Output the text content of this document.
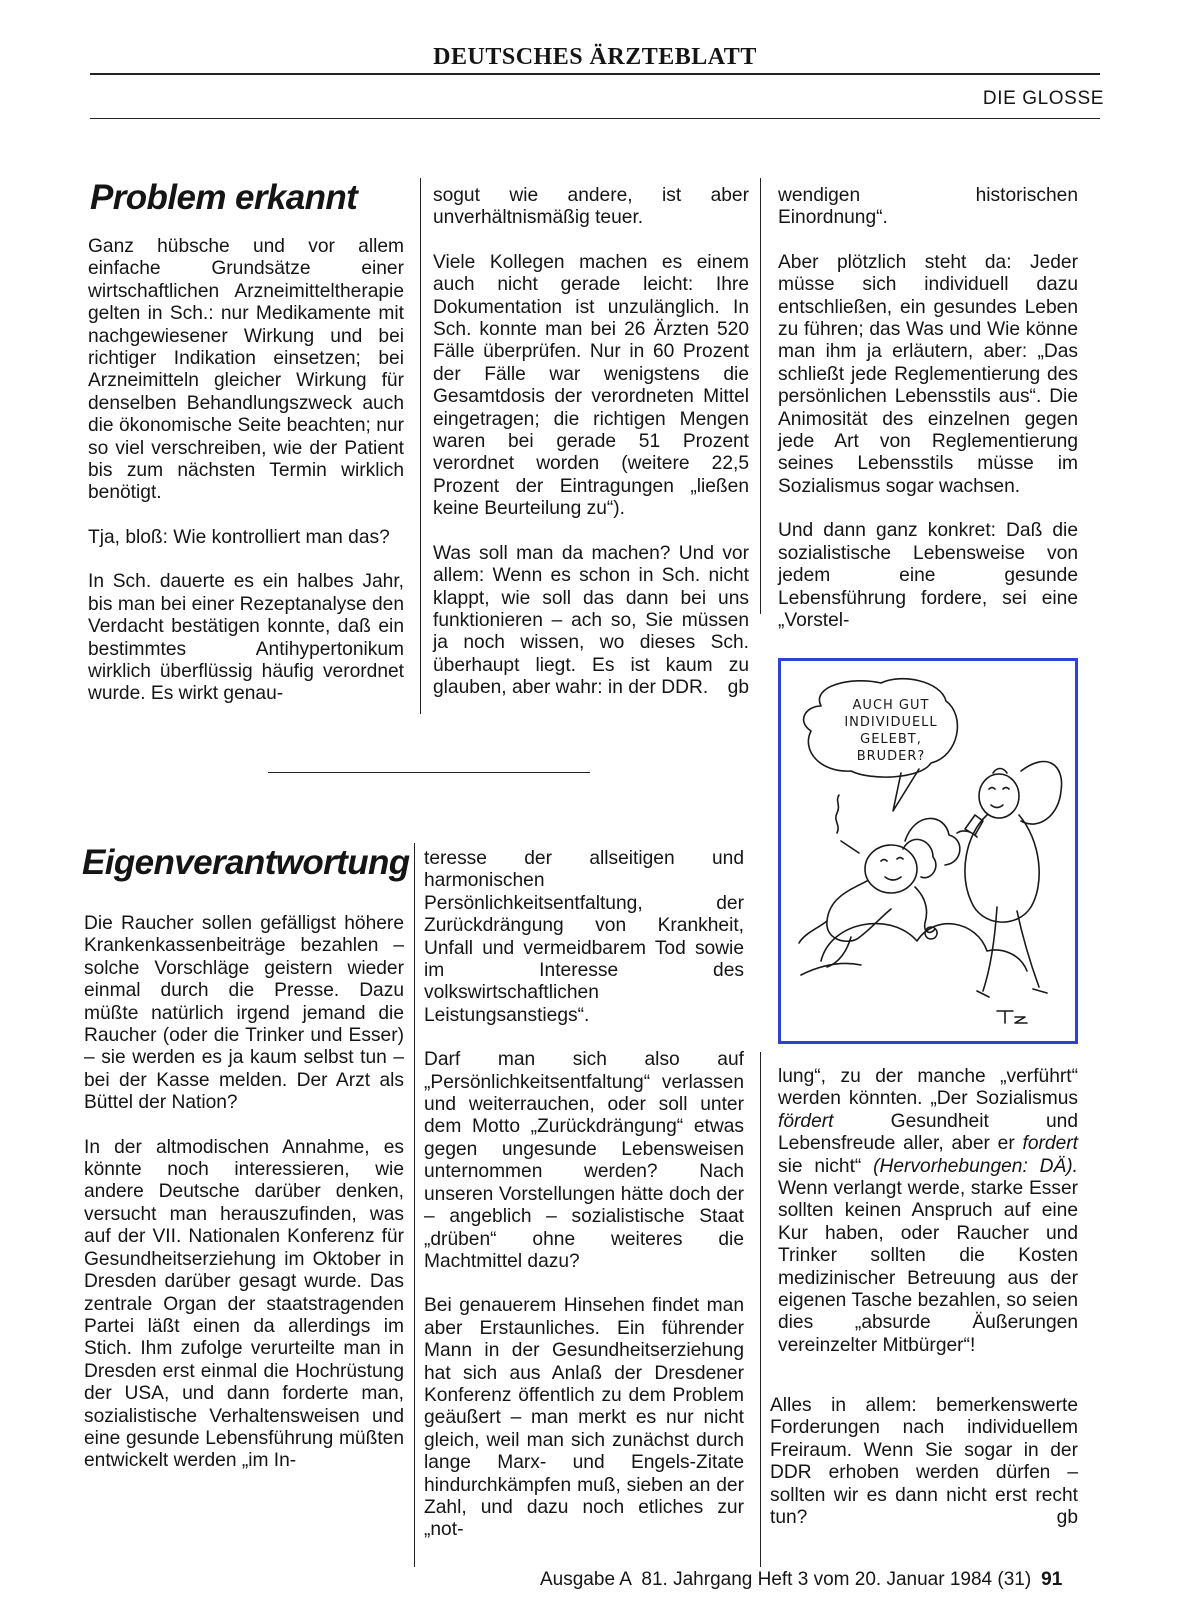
DEUTSCHES ÄRZTEBLATT
DIE GLOSSE
Problem erkannt

Ganz hübsche und vor allem einfache Grundsätze einer wirtschaftlichen Arzneimitteltherapie gelten in Sch.: nur Medikamente mit nachgewiesener Wirkung und bei richtiger Indikation einsetzen; bei Arzneimitteln gleicher Wirkung für denselben Behandlungszweck auch die ökonomische Seite beachten; nur so viel verschreiben, wie der Patient bis zum nächsten Termin wirklich benötigt.

Tja, bloß: Wie kontrolliert man das?

In Sch. dauerte es ein halbes Jahr, bis man bei einer Rezeptanalyse den Verdacht bestätigen konnte, daß ein bestimmtes Antihypertonikum wirklich überflüssig häufig verordnet wurde. Es wirkt genau-

sogut wie andere, ist aber unverhältnismäßig teuer.

Viele Kollegen machen es einem auch nicht gerade leicht: Ihre Dokumentation ist unzulänglich. In Sch. konnte man bei 26 Ärzten 520 Fälle überprüfen. Nur in 60 Prozent der Fälle war wenigstens die Gesamtdosis der verordneten Mittel eingetragen; die richtigen Mengen waren bei gerade 51 Prozent verordnet worden (weitere 22,5 Prozent der Eintragungen „ließen keine Beurteilung zu“).

Was soll man da machen? Und vor allem: Wenn es schon in Sch. nicht klappt, wie soll das dann bei uns funktionieren – ach so, Sie müssen ja noch wissen, wo dieses Sch. überhaupt liegt. Es ist kaum zu glauben, aber wahr: in der DDR. gb

Eigenverantwortung

Die Raucher sollen gefälligst höhere Krankenkassenbeiträge bezahlen – solche Vorschläge geistern wieder einmal durch die Presse. Dazu müßte natürlich irgend jemand die Raucher (oder die Trinker und Esser) – sie werden es ja kaum selbst tun – bei der Kasse melden. Der Arzt als Büttel der Nation?

In der altmodischen Annahme, es könnte noch interessieren, wie andere Deutsche darüber denken, versucht man herauszufinden, was auf der VII. Nationalen Konferenz für Gesundheitserziehung im Oktober in Dresden darüber gesagt wurde. Das zentrale Organ der staatstragenden Partei läßt einen da allerdings im Stich. Ihm zufolge verurteilte man in Dresden erst einmal die Hochrüstung der USA, und dann forderte man, sozialistische Verhaltensweisen und eine gesunde Lebensführung müßten entwickelt werden „im In-

teresse der allseitigen und harmonischen Persönlichkeitsentfaltung, der Zurückdrängung von Krankheit, Unfall und vermeidbarem Tod sowie im Interesse des volkswirtschaftlichen Leistungsanstiegs“.

Darf man sich also auf „Persönlichkeitsentfaltung“ verlassen und weiterrauchen, oder soll unter dem Motto „Zurückdrängung“ etwas gegen ungesunde Lebensweisen unternommen werden? Nach unseren Vorstellungen hätte doch der – angeblich – sozialistische Staat „drüben“ ohne weiteres die Machtmittel dazu?

Bei genauerem Hinsehen findet man aber Erstaunliches. Ein führender Mann in der Gesundheitserziehung hat sich aus Anlaß der Dresdener Konferenz öffentlich zu dem Problem geäußert – man merkt es nur nicht gleich, weil man sich zunächst durch lange Marx- und Engels-Zitate hindurchkämpfen muß, sieben an der Zahl, und dazu noch etliches zur „not-

wendigen historischen Einordnung“.

Aber plötzlich steht da: Jeder müsse sich individuell dazu entschließen, ein gesundes Leben zu führen; das Was und Wie könne man ihm ja erläutern, aber: „Das schließt jede Reglementierung des persönlichen Lebensstils aus“. Die Animosität des einzelnen gegen jede Art von Reglementierung seines Lebensstils müsse im Sozialismus sogar wachsen.

Und dann ganz konkret: Daß die sozialistische Lebensweise von jedem eine gesunde Lebensführung fordere, sei eine „Vorstel-

AUCH GUT
INDIVIDUELL
GELEBT,
BRUDER?

lung“, zu der manche „verführt“ werden könnten. „Der Sozialismus fördert Gesundheit und Lebensfreude aller, aber er fordert sie nicht“ (Hervorhebungen: DÄ). Wenn verlangt werde, starke Esser sollten keinen Anspruch auf eine Kur haben, oder Raucher und Trinker sollten die Kosten medizinischer Betreuung aus der eigenen Tasche bezahlen, so seien dies „absurde Äußerungen vereinzelter Mitbürger“!

Alles in allem: bemerkenswerte Forderungen nach individuellem Freiraum. Wenn Sie sogar in der DDR erhoben werden dürfen – sollten wir es dann nicht erst recht tun?	gb

Ausgabe A  81. Jahrgang Heft 3 vom 20. Januar 1984 (31) 91
